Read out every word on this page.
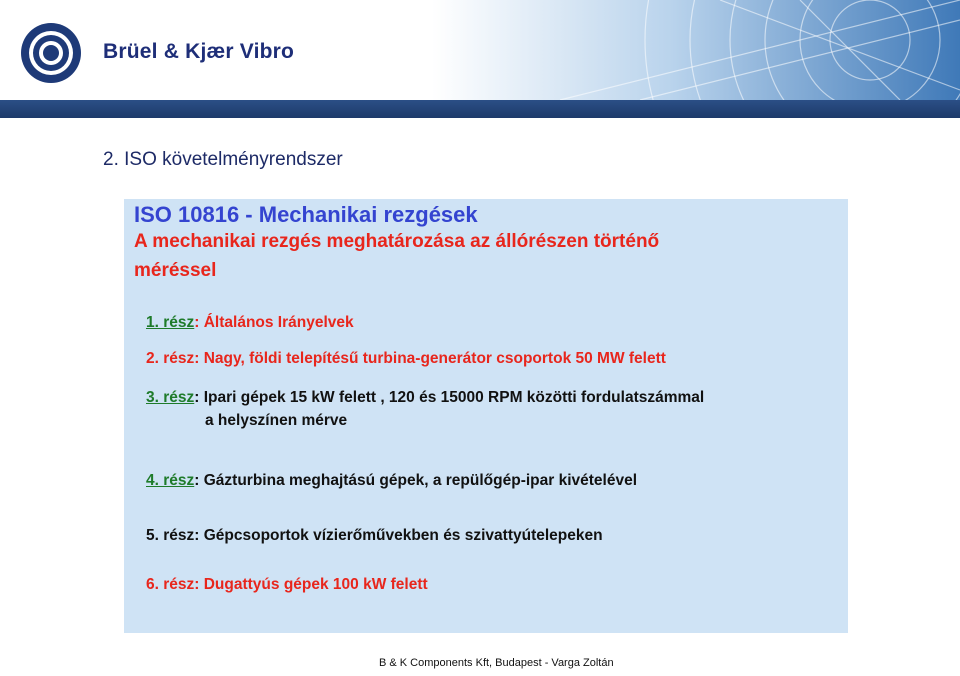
Brüel & Kjær Vibro
2. ISO követelményrendszer
ISO 10816 - Mechanikai rezgések
A mechanikai rezgés meghatározása az állórészen történő
méréssel
1. rész: Általános Irányelvek
2. rész: Nagy, földi telepítésű turbina-generátor csoportok 50 MW felett
3. rész: Ipari gépek 15 kW felett , 120 és 15000 RPM közötti fordulatszámmal
a helyszínen mérve
4. rész: Gázturbina meghajtású gépek, a repülőgép-ipar kivételével
5. rész: Gépcsoportok vízierőművekben és szivattyútelepeken
6. rész: Dugattyús gépek 100 kW felett
B & K Components Kft, Budapest - Varga Zoltán
